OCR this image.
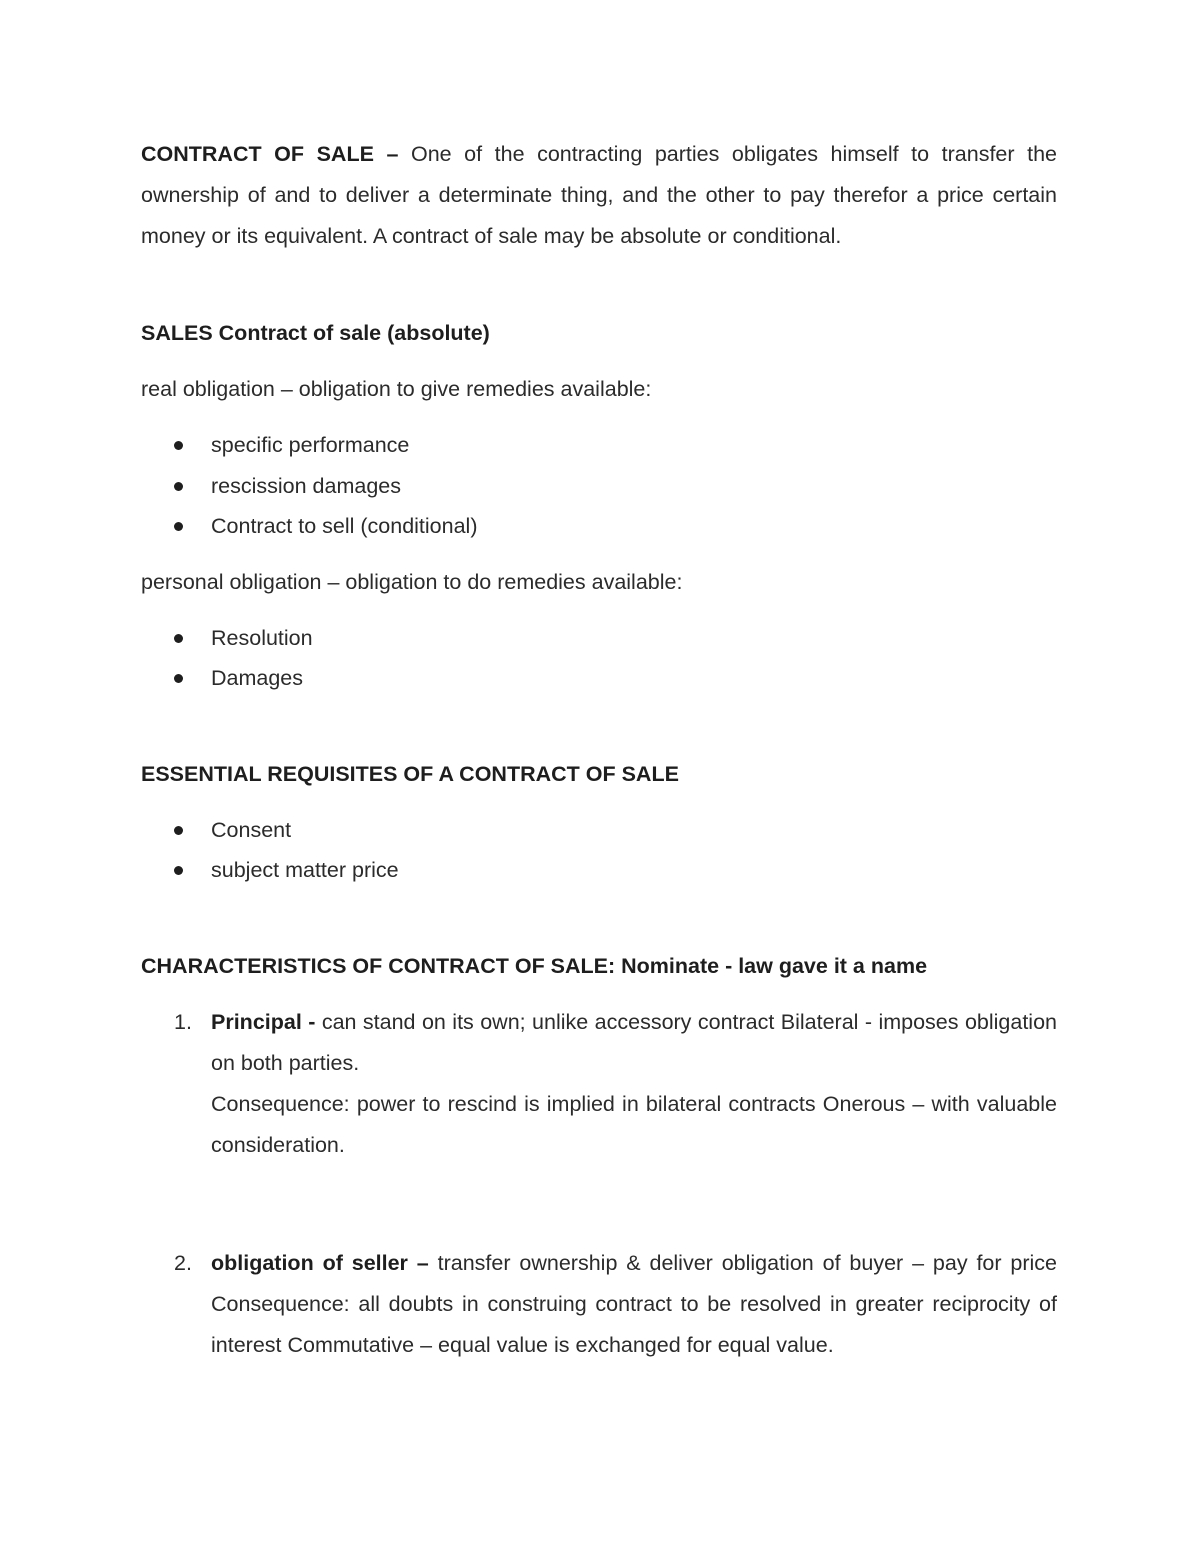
CONTRACT OF SALE – One of the contracting parties obligates himself to transfer the ownership of and to deliver a determinate thing, and the other to pay therefor a price certain money or its equivalent. A contract of sale may be absolute or conditional.

SALES Contract of sale (absolute)

real obligation – obligation to give remedies available:

specific performance
rescission damages
Contract to sell (conditional)

personal obligation – obligation to do remedies available:

Resolution
Damages

ESSENTIAL REQUISITES OF A CONTRACT OF SALE

Consent
subject matter price

CHARACTERISTICS OF CONTRACT OF SALE: Nominate - law gave it a name

1. Principal - can stand on its own; unlike accessory contract Bilateral - imposes obligation on both parties.
Consequence: power to rescind is implied in bilateral contracts Onerous – with valuable consideration.
2. obligation of seller – transfer ownership & deliver obligation of buyer – pay for price Consequence: all doubts in construing contract to be resolved in greater reciprocity of interest Commutative – equal value is exchanged for equal value.
